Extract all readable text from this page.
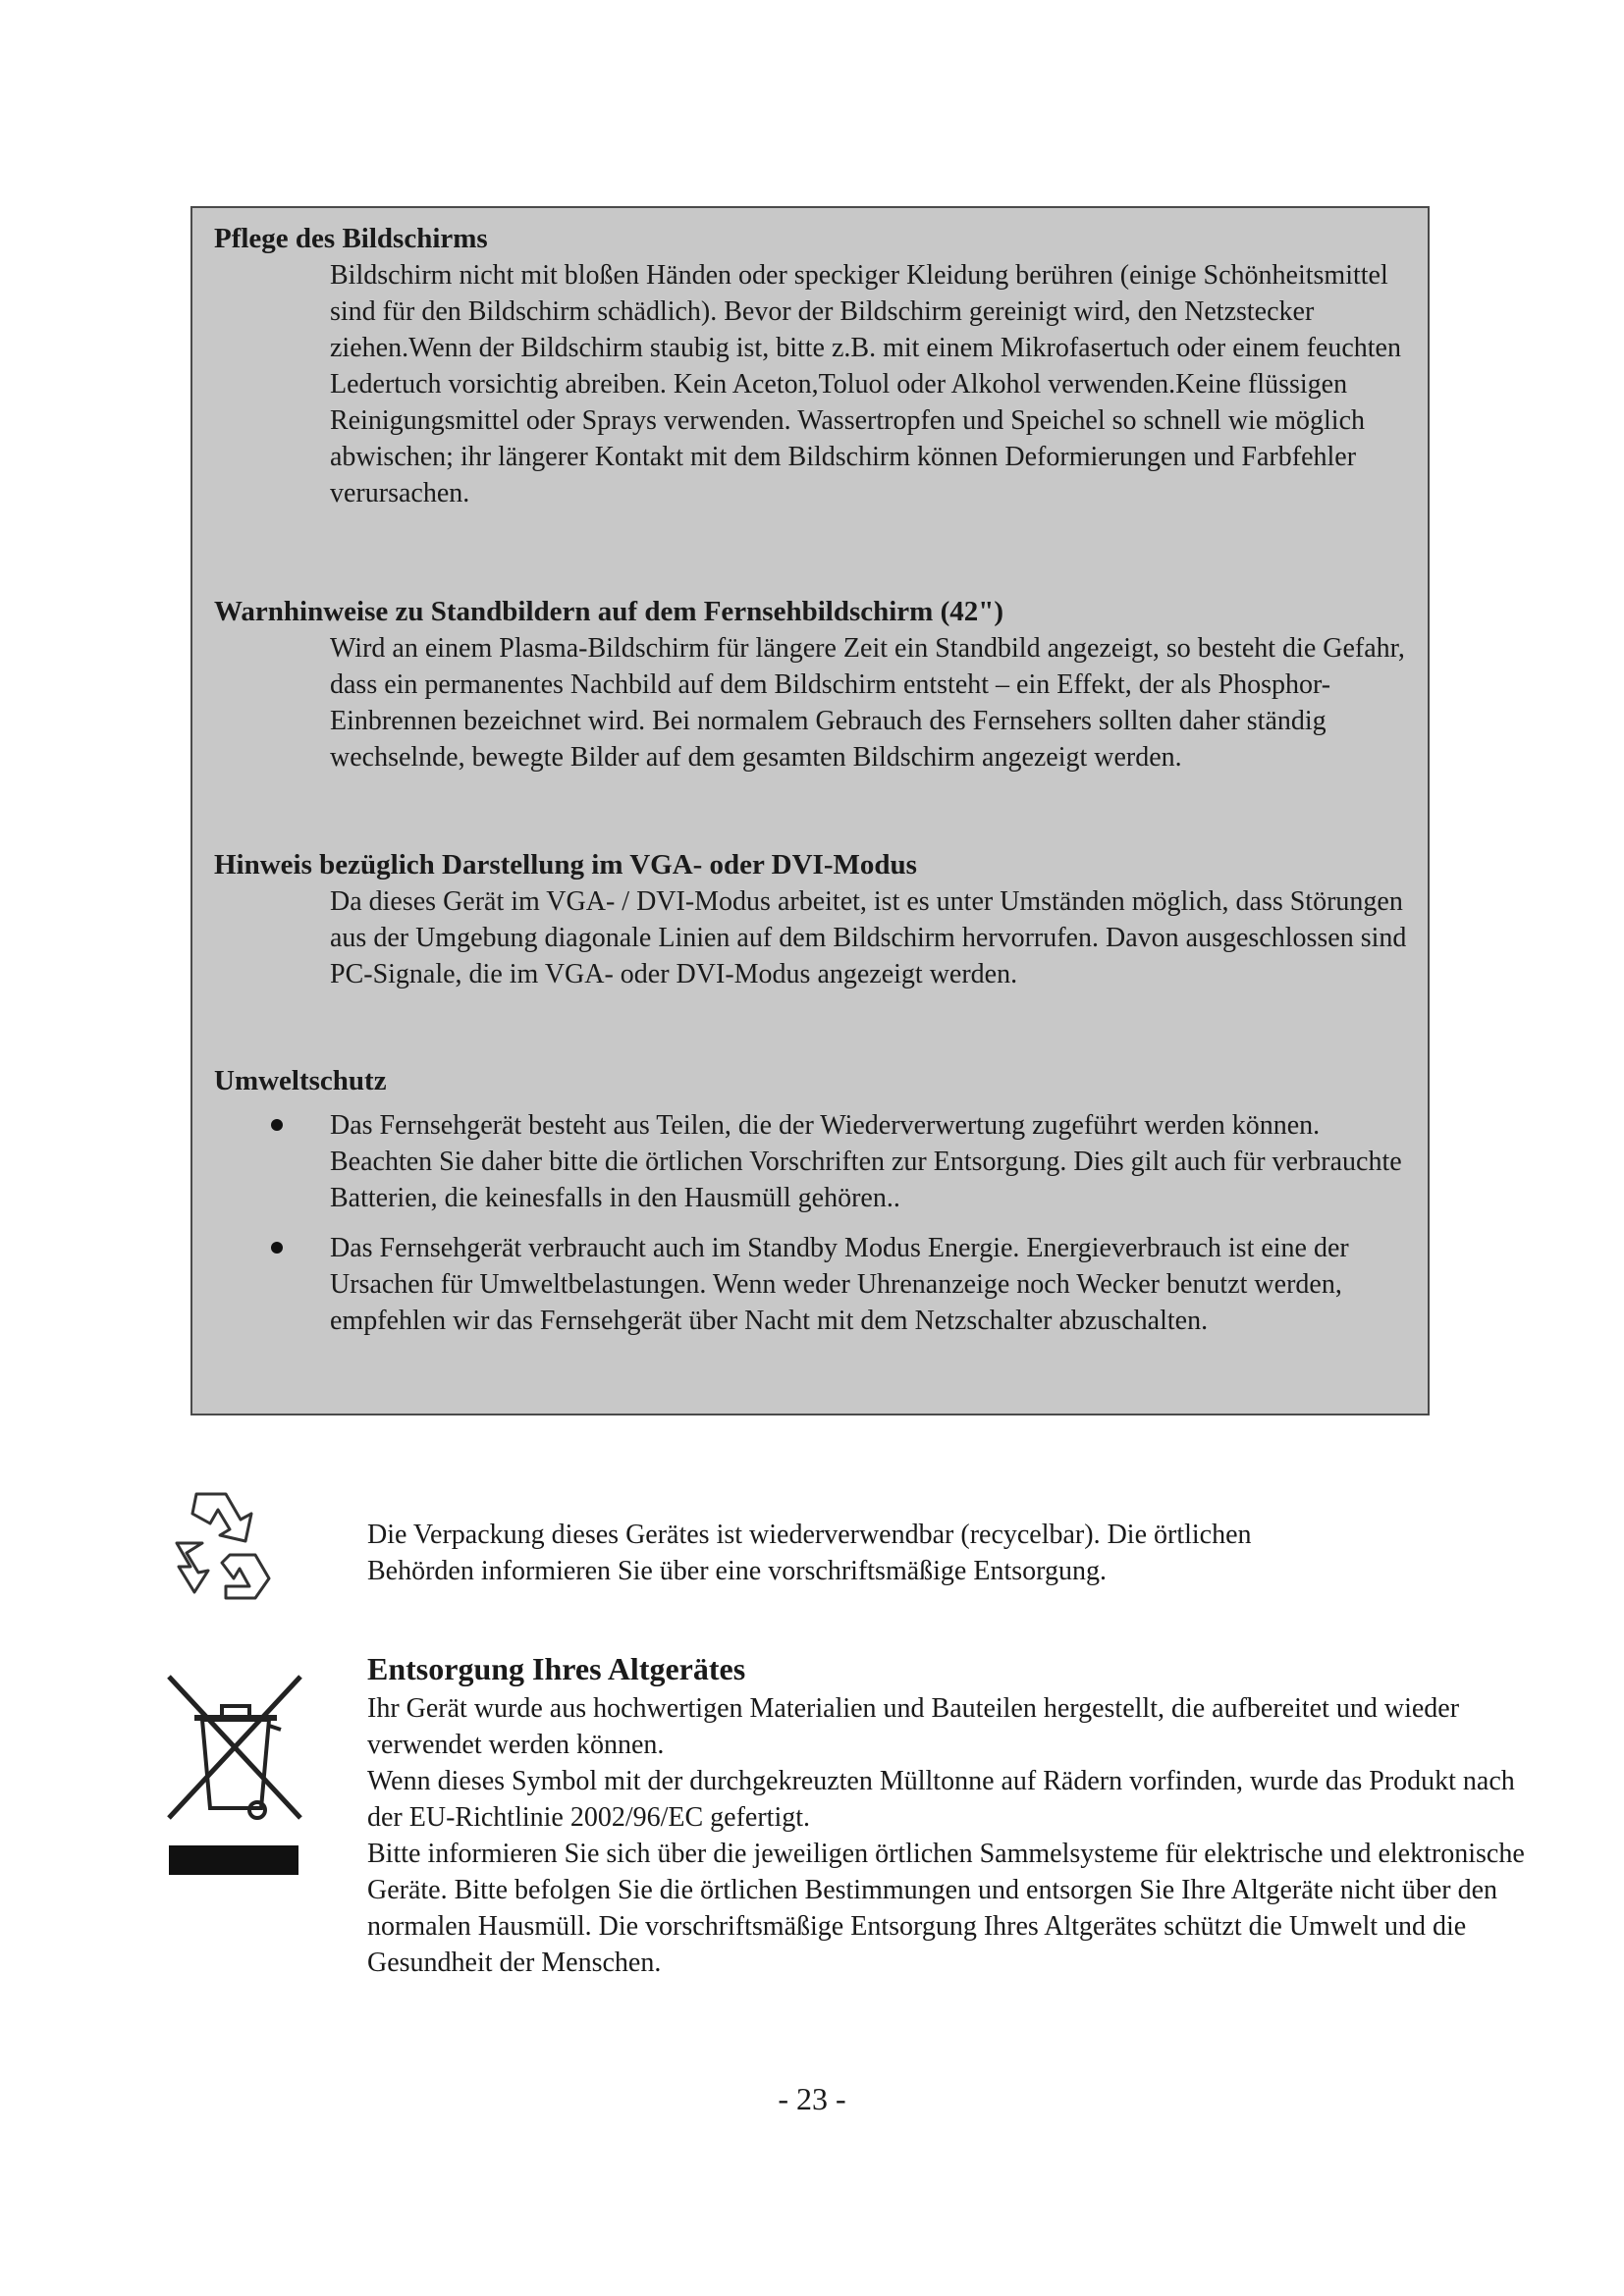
Pflege des Bildschirms

Bildschirm nicht mit bloßen Händen oder speckiger Kleidung berühren (einige Schönheitsmittel sind für den Bildschirm schädlich). Bevor der Bildschirm gereinigt wird, den Netzstecker ziehen.Wenn der Bildschirm staubig ist, bitte z.B. mit einem Mikrofasertuch oder einem feuchten Ledertuch vorsichtig abreiben. Kein Aceton,Toluol oder Alkohol verwenden.Keine flüssigen Reinigungsmittel oder Sprays verwenden. Wassertropfen und Speichel so schnell wie möglich abwischen; ihr längerer Kontakt mit dem Bildschirm können Deformierungen und Farbfehler verursachen.

Warnhinweise zu Standbildern auf dem Fernsehbildschirm (42")

Wird an einem Plasma-Bildschirm für längere Zeit ein Standbild angezeigt, so besteht die Gefahr, dass ein permanentes Nachbild auf dem Bildschirm entsteht – ein Effekt, der als Phosphor-Einbrennen bezeichnet wird. Bei normalem Gebrauch des Fernsehers sollten daher ständig wechselnde, bewegte Bilder auf dem gesamten Bildschirm angezeigt werden.

Hinweis bezüglich Darstellung im VGA- oder DVI-Modus

Da dieses Gerät im VGA- / DVI-Modus arbeitet, ist es unter Umständen möglich, dass Störungen aus der Umgebung diagonale Linien auf dem Bildschirm hervorrufen. Davon ausgeschlossen sind PC-Signale, die im VGA- oder DVI-Modus angezeigt werden.

Umweltschutz
Das Fernsehgerät besteht aus Teilen, die der Wiederverwertung zugeführt werden können. Beachten Sie daher bitte die örtlichen Vorschriften zur Entsorgung. Dies gilt auch für verbrauchte Batterien, die keinesfalls in den Hausmüll gehören..
Das Fernsehgerät verbraucht auch im Standby Modus Energie. Energieverbrauch ist eine der Ursachen für Umweltbelastungen. Wenn weder Uhrenanzeige noch Wecker benutzt werden, empfehlen wir das Fernsehgerät über Nacht mit dem Netzschalter abzuschalten.
Die Verpackung dieses Gerätes ist wiederverwendbar (recycelbar). Die örtlichen
Behörden informieren Sie über eine vorschriftsmäßige Entsorgung.
Entsorgung Ihres Altgerätes

Ihr Gerät wurde aus hochwertigen Materialien und Bauteilen hergestellt, die aufbereitet und wieder verwendet werden können.

Wenn dieses Symbol mit der durchgekreuzten Mülltonne auf Rädern vorfinden, wurde das Produkt nach der EU-Richtlinie 2002/96/EC gefertigt.

Bitte informieren Sie sich über die jeweiligen örtlichen Sammelsysteme für elektrische und elektronische Geräte. Bitte befolgen Sie die örtlichen Bestimmungen und entsorgen Sie Ihre Altgeräte nicht über den normalen Hausmüll. Die vorschriftsmäßige Entsorgung Ihres Altgerätes schützt die Umwelt und die Gesundheit der Menschen.

- 23 -
